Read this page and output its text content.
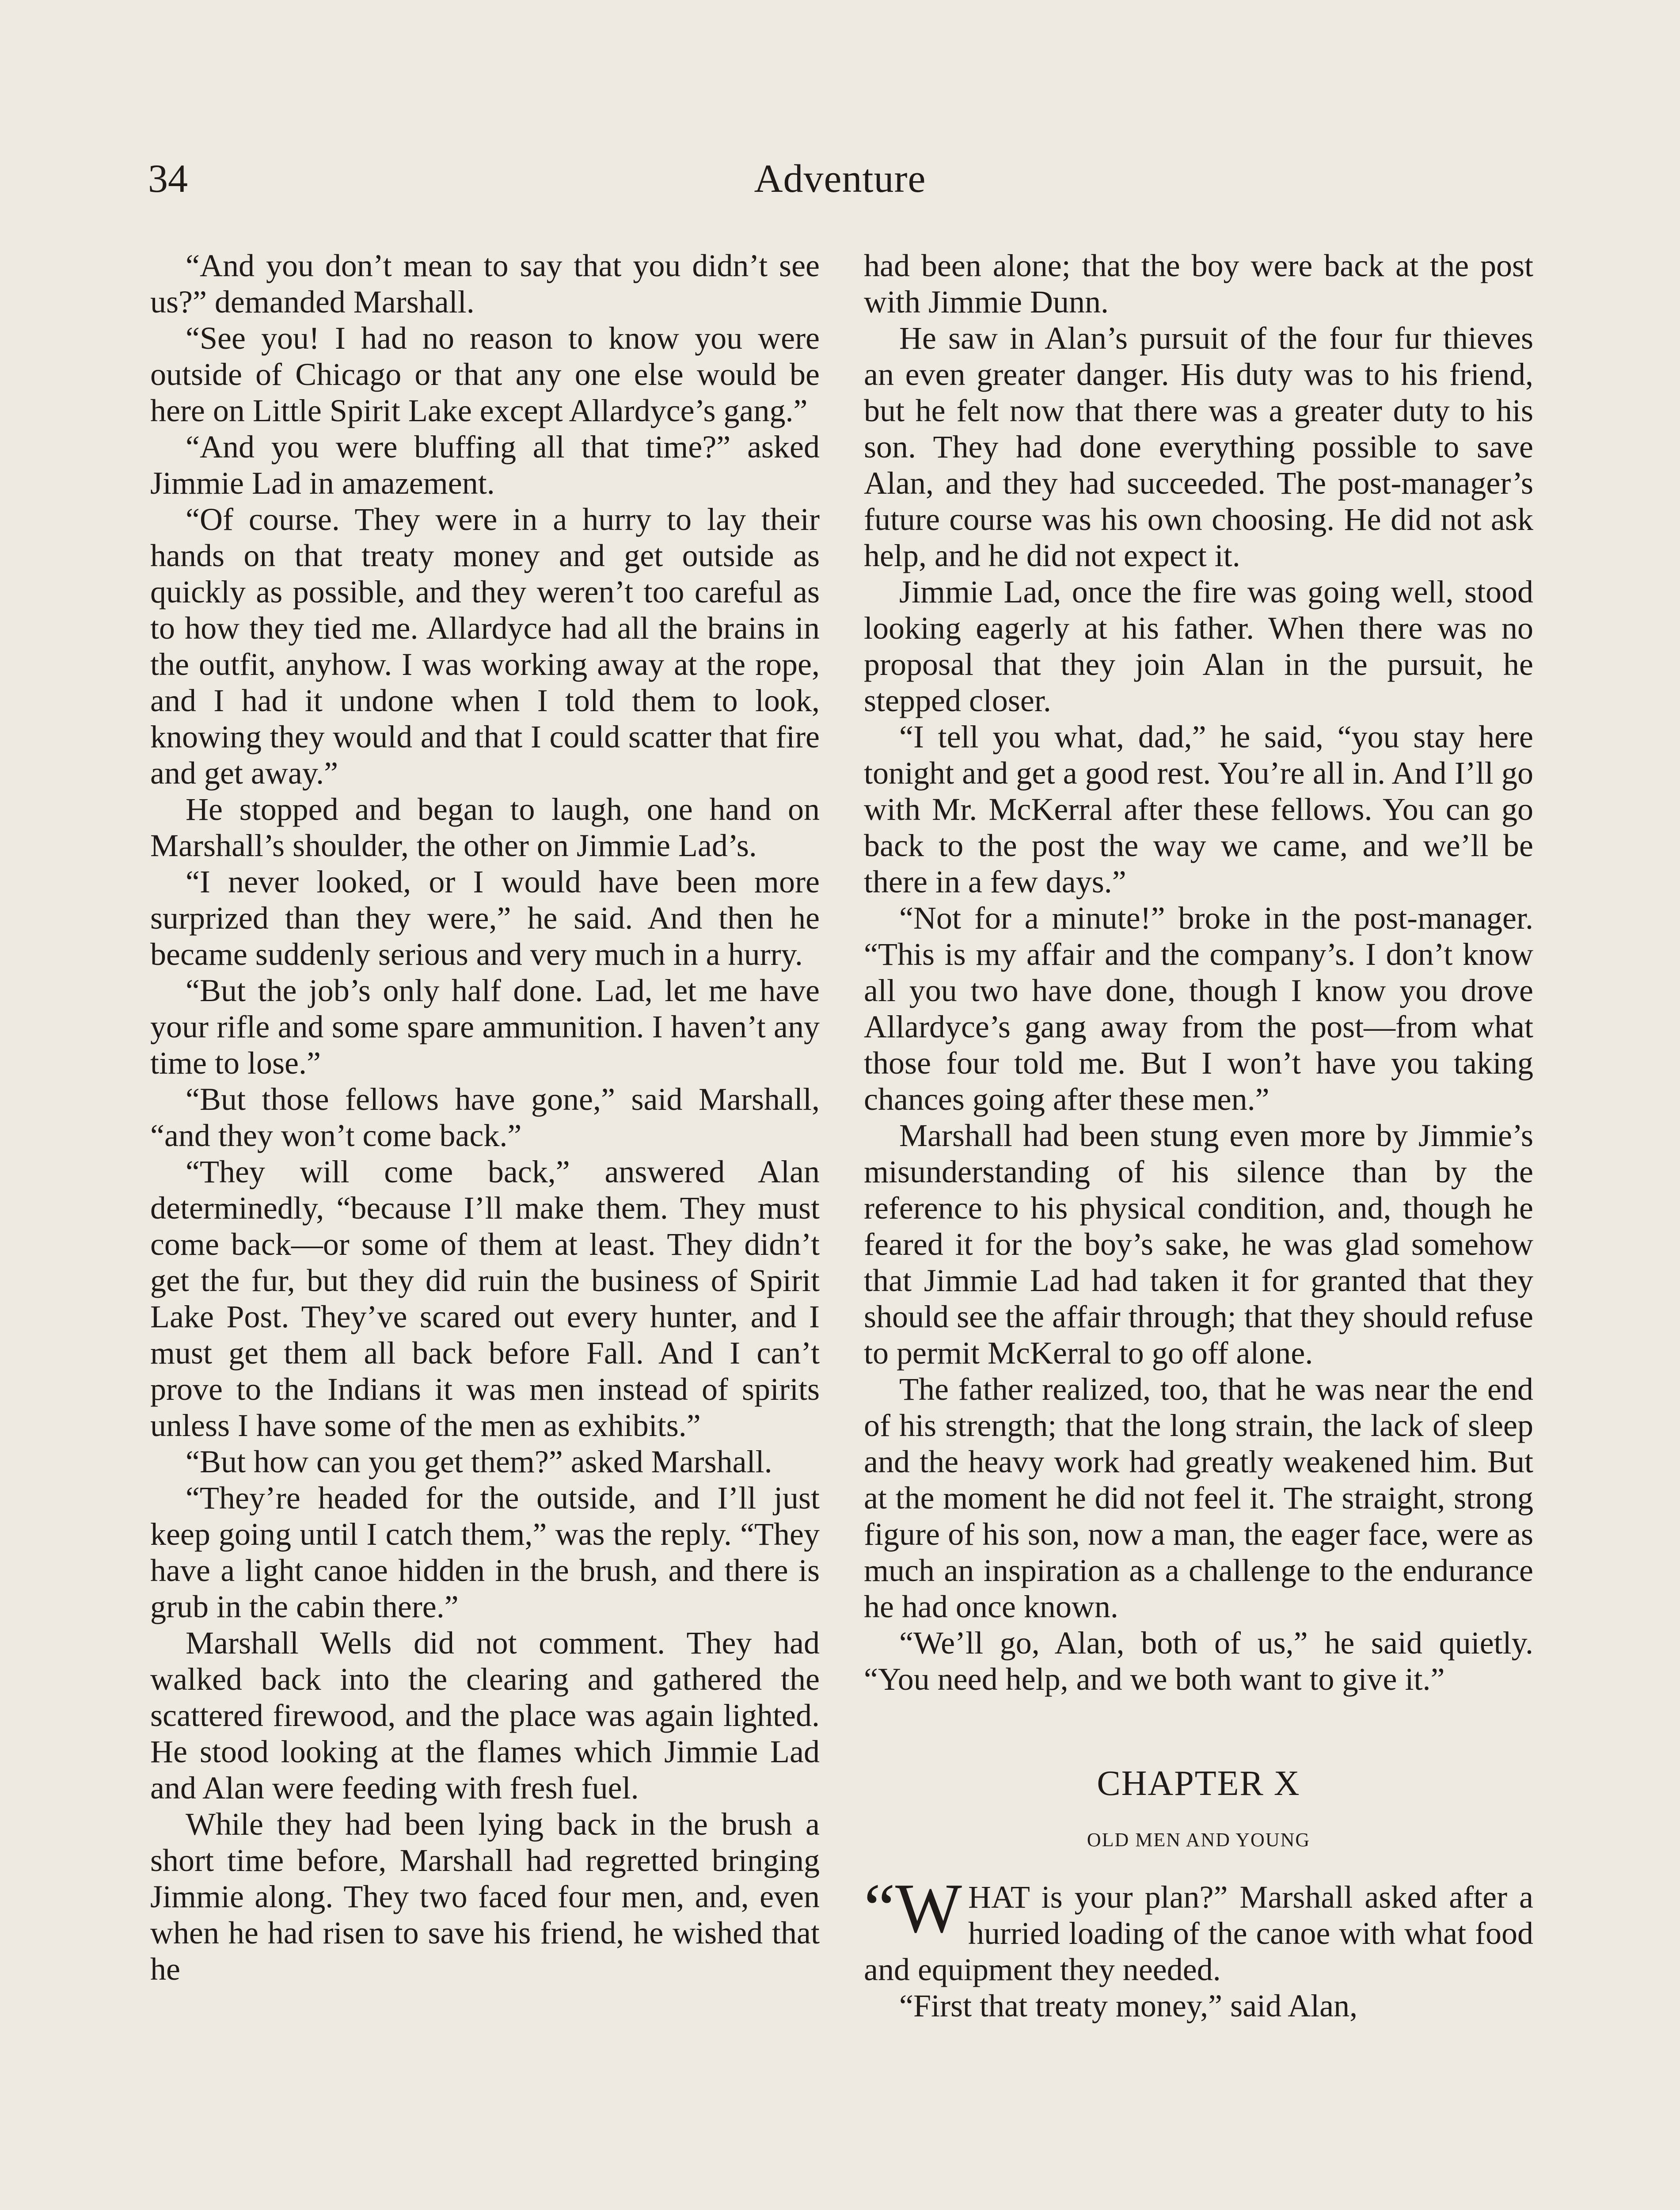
34	Adventure

“And you don’t mean to say that you didn’t see us?” demanded Marshall.

“See you! I had no reason to know you were outside of Chicago or that any one else would be here on Little Spirit Lake except Allardyce’s gang.”

“And you were bluffing all that time?” asked Jimmie Lad in amazement.

“Of course. They were in a hurry to lay their hands on that treaty money and get outside as quickly as possible, and they weren’t too careful as to how they tied me. Allardyce had all the brains in the outfit, anyhow. I was working away at the rope, and I had it undone when I told them to look, knowing they would and that I could scatter that fire and get away.”

He stopped and began to laugh, one hand on Marshall’s shoulder, the other on Jimmie Lad’s.

“I never looked, or I would have been more surprized than they were,” he said. And then he became suddenly serious and very much in a hurry.

“But the job’s only half done. Lad, let me have your rifle and some spare ammunition. I haven’t any time to lose.”

“But those fellows have gone,” said Marshall, “and they won’t come back.”

“They will come back,” answered Alan determinedly, “because I’ll make them. They must come back—or some of them at least. They didn’t get the fur, but they did ruin the business of Spirit Lake Post. They’ve scared out every hunter, and I must get them all back before Fall. And I can’t prove to the Indians it was men instead of spirits unless I have some of the men as exhibits.”

“But how can you get them?” asked Marshall.

“They’re headed for the outside, and I’ll just keep going until I catch them,” was the reply. “They have a light canoe hidden in the brush, and there is grub in the cabin there.”

Marshall Wells did not comment. They had walked back into the clearing and gathered the scattered firewood, and the place was again lighted. He stood looking at the flames which Jimmie Lad and Alan were feeding with fresh fuel.

While they had been lying back in the brush a short time before, Marshall had regretted bringing Jimmie along. They two faced four men, and, even when he had risen to save his friend, he wished that he

had been alone; that the boy were back at the post with Jimmie Dunn.

He saw in Alan’s pursuit of the four fur thieves an even greater danger. His duty was to his friend, but he felt now that there was a greater duty to his son. They had done everything possible to save Alan, and they had succeeded. The post-manager’s future course was his own choosing. He did not ask help, and he did not expect it.

Jimmie Lad, once the fire was going well, stood looking eagerly at his father. When there was no proposal that they join Alan in the pursuit, he stepped closer.

“I tell you what, dad,” he said, “you stay here tonight and get a good rest. You’re all in. And I’ll go with Mr. McKerral after these fellows. You can go back to the post the way we came, and we’ll be there in a few days.”

“Not for a minute!” broke in the post-manager. “This is my affair and the company’s. I don’t know all you two have done, though I know you drove Allardyce’s gang away from the post—from what those four told me. But I won’t have you taking chances going after these men.”

Marshall had been stung even more by Jimmie’s misunderstanding of his silence than by the reference to his physical condition, and, though he feared it for the boy’s sake, he was glad somehow that Jimmie Lad had taken it for granted that they should see the affair through; that they should refuse to permit McKerral to go off alone.

The father realized, too, that he was near the end of his strength; that the long strain, the lack of sleep and the heavy work had greatly weakened him. But at the moment he did not feel it. The straight, strong figure of his son, now a man, the eager face, were as much an inspiration as a challenge to the endurance he had once known.

“We’ll go, Alan, both of us,” he said quietly. “You need help, and we both want to give it.”

CHAPTER X
OLD MEN AND YOUNG

“WHAT is your plan?” Marshall asked after a hurried loading of the canoe with what food and equipment they needed.

“First that treaty money,” said Alan,
